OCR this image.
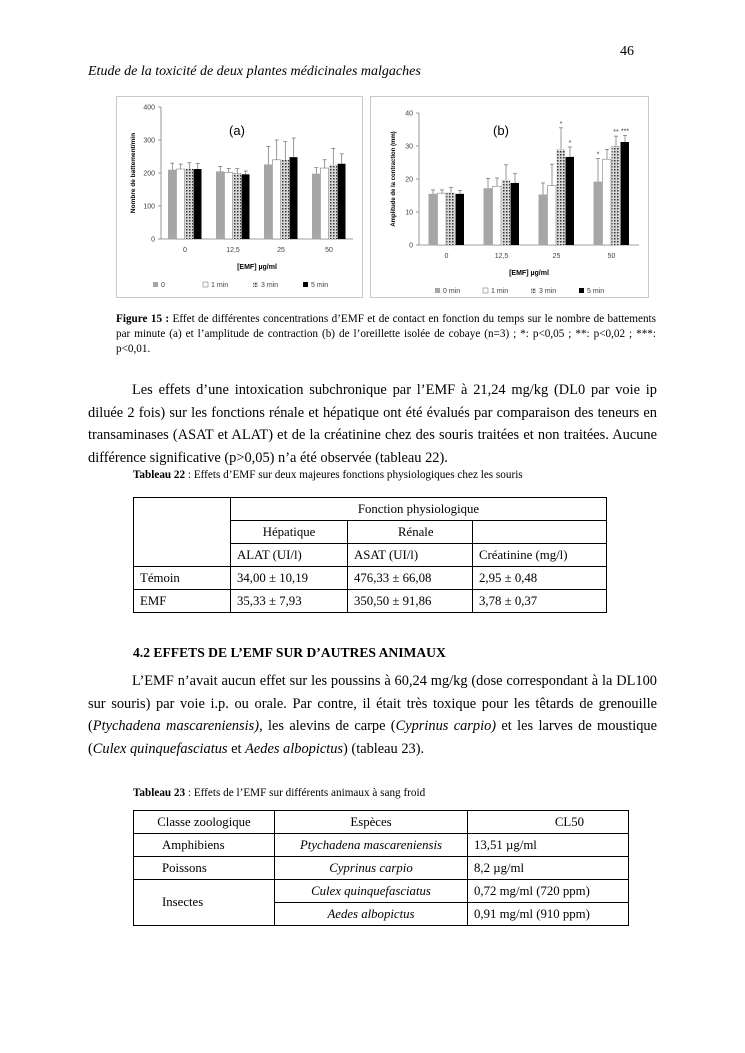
46
Etude de la toxicité de deux plantes médicinales malgaches
0
100
200
300
400
0	12,5	25	50
(a)
[EMF] µg/ml
Nombre de battement/min
0	1 min	3 min	5 min
0
10
20
30
40
0	12,5
*
*
25
*
** ***
50
(b)
[EMF] µg/ml
Amplitude de la contraction (mm)
0 min	1 min	3 min	5 min
Figure 15 : Effet de différentes concentrations d’EMF et de contact en fonction du temps sur le nombre de battements par minute (a) et l’amplitude de contraction (b) de l’oreillette isolée de cobaye (n=3) ; *: p<0,05 ; **: p<0,02 ; ***: p<0,01.
Les effets d’une intoxication subchronique par l’EMF à 21,24 mg/kg (DL0 par voie ip diluée 2 fois) sur les fonctions rénale et hépatique ont été évalués par comparaison des teneurs en transaminases (ASAT et ALAT) et de la créatinine chez des souris traitées et non traitées. Aucune différence significative (p>0,05) n’a été observée (tableau 22).
Tableau 22 : Effets d’EMF sur deux majeures fonctions physiologiques chez les souris
	Fonction physiologique		
	Hépatique	Rénale	
	ALAT (UI/l)	ASAT (UI/l)	Créatinine (mg/l)
Témoin	34,00 ± 10,19	476,33 ± 66,08	2,95 ± 0,48
EMF	35,33 ± 7,93	350,50 ± 91,86	3,78 ± 0,37
4.2 EFFETS DE L’EMF SUR D’AUTRES ANIMAUX
L’EMF n’avait aucun effet sur les poussins à 60,24 mg/kg (dose correspondant à la DL100 sur souris) par voie i.p. ou orale. Par contre, il était très toxique pour les têtards de grenouille (Ptychadena mascareniensis), les alevins de carpe (Cyprinus carpio) et les larves de moustique (Culex quinquefasciatus et Aedes albopictus) (tableau 23).
Tableau 23 : Effets de l’EMF sur différents animaux à sang froid
Classe zoologique	Espèces	CL50
Amphibiens	Ptychadena mascareniensis	13,51 µg/ml
Poissons	Cyprinus carpio	8,2 µg/ml
Insectes	Culex quinquefasciatus	0,72 mg/ml (720 ppm)
	Aedes albopictus	0,91 mg/ml (910 ppm)
